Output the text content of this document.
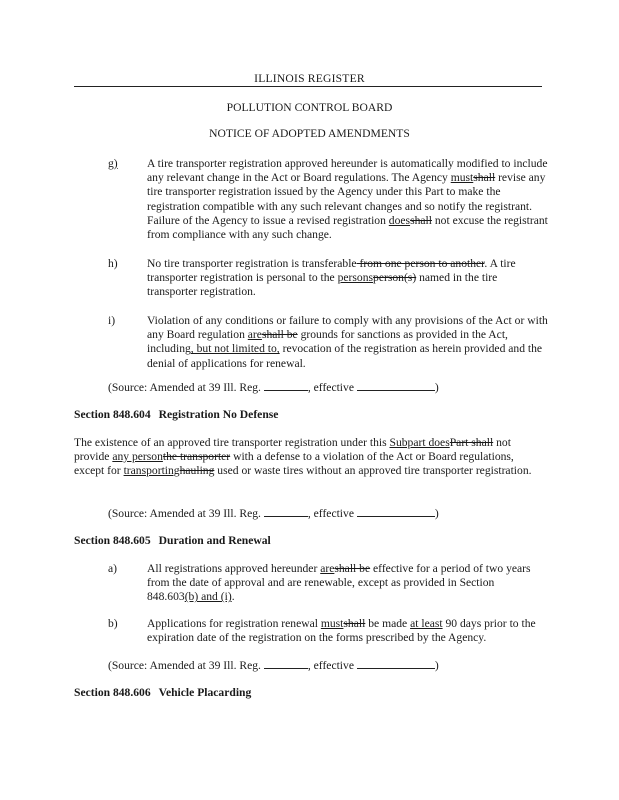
ILLINOIS REGISTER
POLLUTION CONTROL BOARD
NOTICE OF ADOPTED AMENDMENTS
g)	A tire transporter registration approved hereunder is automatically modified to include any relevant change in the Act or Board regulations. The Agency mustshall revise any tire transporter registration issued by the Agency under this Part to make the registration compatible with any such relevant changes and so notify the registrant. Failure of the Agency to issue a revised registration doesshall not excuse the registrant from compliance with any such change.
h)	No tire transporter registration is transferable from one person to another. A tire transporter registration is personal to the personsperson(s) named in the tire transporter registration.
i)	Violation of any conditions or failure to comply with any provisions of the Act or with any Board regulation areshall be grounds for sanctions as provided in the Act, including, but not limited to, revocation of the registration as herein provided and the denial of applications for renewal.
(Source: Amended at 39 Ill. Reg.	, effective	)
Section 848.604 Registration No Defense
The existence of an approved tire transporter registration under this Subpart doesPart shall not provide any personthe transporter with a defense to a violation of the Act or Board regulations, except for transportinghauling used or waste tires without an approved tire transporter registration.
(Source: Amended at 39 Ill. Reg.	, effective	)
Section 848.605 Duration and Renewal
a)	All registrations approved hereunder areshall be effective for a period of two years from the date of approval and are renewable, except as provided in Section 848.603(b) and (i).
b)	Applications for registration renewal mustshall be made at least 90 days prior to the expiration date of the registration on the forms prescribed by the Agency.
(Source: Amended at 39 Ill. Reg.	, effective	)
Section 848.606 Vehicle Placarding
